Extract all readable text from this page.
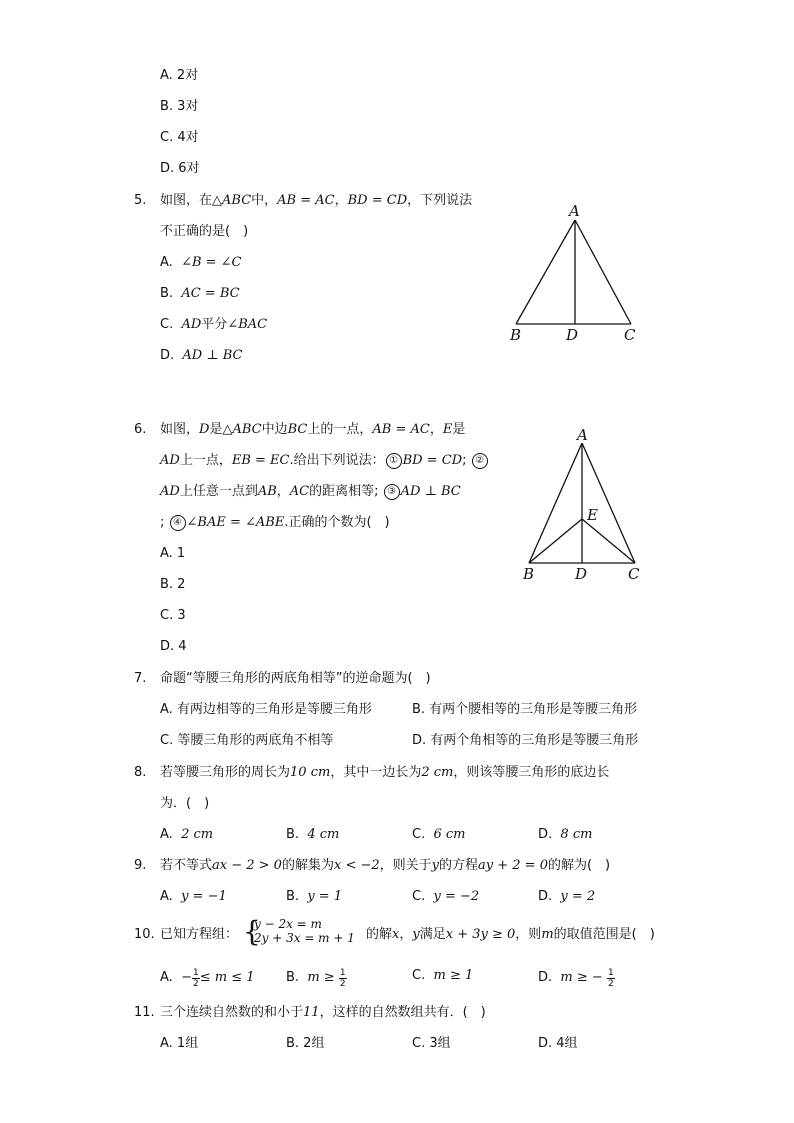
A. 2对
B. 3对
C. 4对
D. 6对
5. 如图，在△ABC中，AB = AC，BD = CD，下列说法
不正确的是(　)
A.  ∠B = ∠C
B.  AC = BC
C.  AD平分∠BAC
D.  AD ⊥ BC
A
B	D	C
6. 如图，D是△ABC中边BC上的一点，AB = AC，E是
AD上一点，EB = EC.给出下列说法： ① BD = CD; ②
AD上任意一点到AB，AC的距离相等; ③ AD ⊥ BC
; ④ ∠BAE = ∠ABE.正确的个数为(　)
A. 1
B. 2
C. 3
D. 4
A
E
B	D	C
7. 命题“等腰三角形的两底角相等”的逆命题为(　)
A. 有两边相等的三角形是等腰三角形	B. 有两个腰相等的三角形是等腰三角形
C. 等腰三角形的两底角不相等	D. 有两个角相等的三角形是等腰三角形
8. 若等腰三角形的周长为10 cm，其中一边长为2 cm，则该等腰三角形的底边长
为．(　)
A.  2 cm	B.  4 cm	C.  6 cm	D.  8 cm
9. 若不等式ax − 2 > 0的解集为x < −2，则关于y的方程ay + 2 = 0的解为(　)
A.  y = −1	B.  y = 1	C.  y = −2	D.  y = 2
10. 已知方程组： {
y − 2x = m
2y + 3x = m + 1 的解x，y满足x + 3y ≥ 0，则m的取值范围是(　)
A.  − $\frac{1}{2} \le m \le 1$ B.  $m \ge \frac{1}{2}$	C.  m ≥ 1	D.  m ≥ − $\frac{1}{2}$
11. 三个连续自然数的和小于11，这样的自然数组共有．(　)
A. 1组	B. 2组	C. 3组	D. 4组
